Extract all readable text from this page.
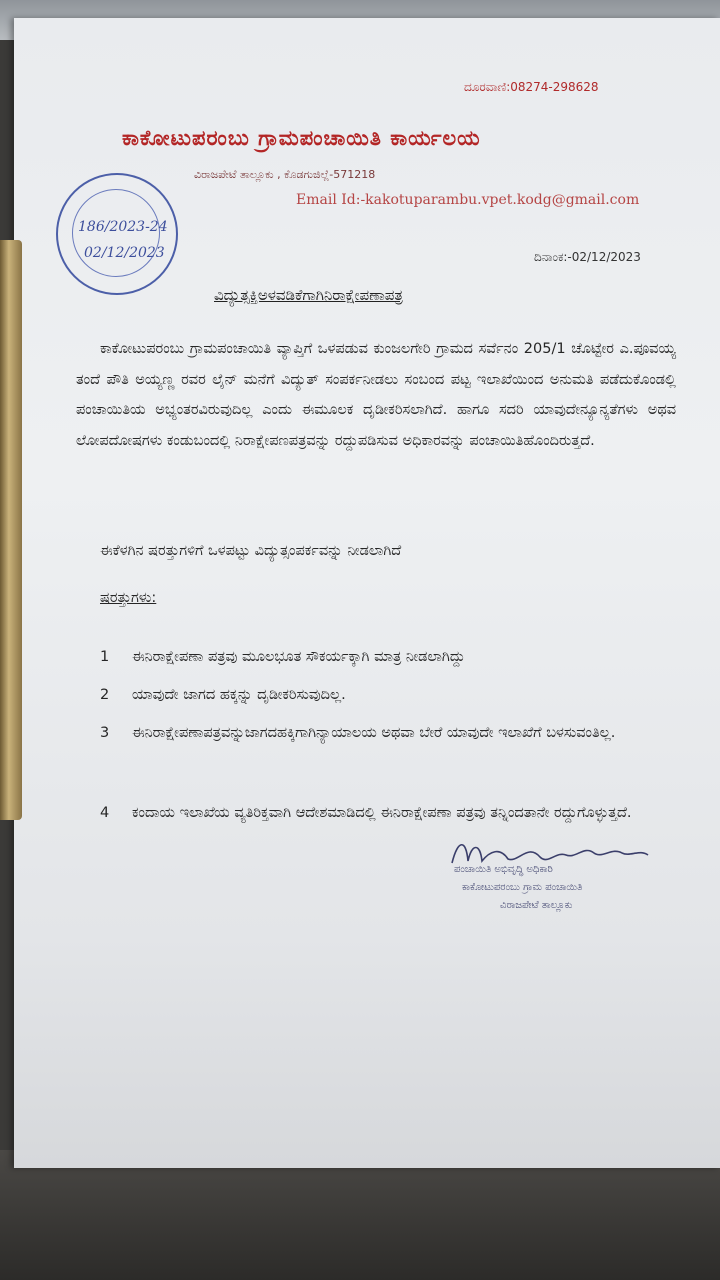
ದೂರವಾಣಿ:08274-298628
ಕಾಕೋಟುಪರಂಬು ಗ್ರಾಮಪಂಚಾಯಿತಿ ಕಾರ್ಯಲಯ
ವಿರಾಜಪೇಟೆ ತಾಲ್ಲೂಕು , ಕೊಡಗುಜಿಲ್ಲೆ-571218
Email Id:-kakotuparambu.vpet.kodg@gmail.com
186/2023-24
02/12/2023	ದಿನಾಂಕ:-02/12/2023
ವಿದ್ಯುತ್ಸಕ್ತಿಅಳವಡಿಕೆಗಾಗಿನಿರಾಕ್ಷೇಪಣಾಪತ್ರ
ಕಾಕೋಟುಪರಂಬು ಗ್ರಾಮಪಂಚಾಯಿತಿ ವ್ಯಾಪ್ತಿಗೆ ಒಳಪಡುವ ಕುಂಜಲಗೇರಿ ಗ್ರಾಮದ ಸರ್ವೆನಂ 205/1 ಚೊಟ್ಟೇರ ಎ.ಪೂವಯ್ಯ ತಂದೆ ಪೌತಿ ಅಯ್ಯಣ್ಣ ರವರ ಲೈನ್ ಮನೆಗೆ ವಿದ್ಯುತ್ ಸಂಪರ್ಕನೀಡಲು ಸಂಬಂದ ಪಟ್ಟ ಇಲಾಖೆಯಿಂದ ಅನುಮತಿ ಪಡೆದುಕೊಂಡಲ್ಲಿ ಪಂಚಾಯಿತಿಯ ಅಭ್ಯಂತರವಿರುವುದಿಲ್ಲ ಎಂದು ಈಮೂಲಕ ದೃಡೀಕರಿಸಲಾಗಿದೆ. ಹಾಗೂ ಸದರಿ ಯಾವುದೇನ್ಯೂನ್ಯತೆಗಳು ಅಥವ ಲೋಪದೋಷಗಳು ಕಂಡುಬಂದಲ್ಲಿ ನಿರಾಕ್ಷೇಪಣಪತ್ರವನ್ನು ರದ್ದುಪಡಿಸುವ ಅಧಿಕಾರವನ್ನು ಪಂಚಾಯಿತಿಹೊಂದಿರುತ್ತದೆ.
ಈಕೆಳಗಿನ ಷರತ್ತುಗಳಿಗೆ ಒಳಪಟ್ಟು ವಿದ್ಯುತ್ಸಂಪರ್ಕವನ್ನು ನೀಡಲಾಗಿದೆ
ಷರತ್ತುಗಳು:
1	ಈನಿರಾಕ್ಷೇಪಣಾ ಪತ್ರವು ಮೂಲಭೂತ ಸೌಕರ್ಯಕ್ಕಾಗಿ ಮಾತ್ರ ನೀಡಲಾಗಿದ್ದು
2	ಯಾವುದೇ ಜಾಗದ ಹಕ್ಕನ್ನು ದೃಡೀಕರಿಸುವುದಿಲ್ಲ.
3	ಈನಿರಾಕ್ಷೇಪಣಾಪತ್ರವನ್ನುಜಾಗದಹಕ್ಕಿಗಾಗಿನ್ಯಾಯಾಲಯ ಅಥವಾ ಬೇರೆ ಯಾವುದೇ ಇಲಾಖೆಗೆ ಬಳಸುವಂತಿಲ್ಲ.
4	ಕಂದಾಯ ಇಲಾಖೆಯ ವ್ಯತಿರಿಕ್ತವಾಗಿ ಆದೇಶಮಾಡಿದಲ್ಲಿ ಈನಿರಾಕ್ಷೇಪಣಾ ಪತ್ರವು ತನ್ನಿಂದತಾನೇ ರದ್ದುಗೊಳ್ಳುತ್ತದೆ.
ಪಂಚಾಯಿತಿ ಅಭಿವೃದ್ಧಿ ಅಧಿಕಾರಿ
ಕಾಕೋಟುಪರಂಬು ಗ್ರಾಮ ಪಂಚಾಯಿತಿ
ವಿರಾಜಪೇಟೆ ತಾಲ್ಲೂಕು
